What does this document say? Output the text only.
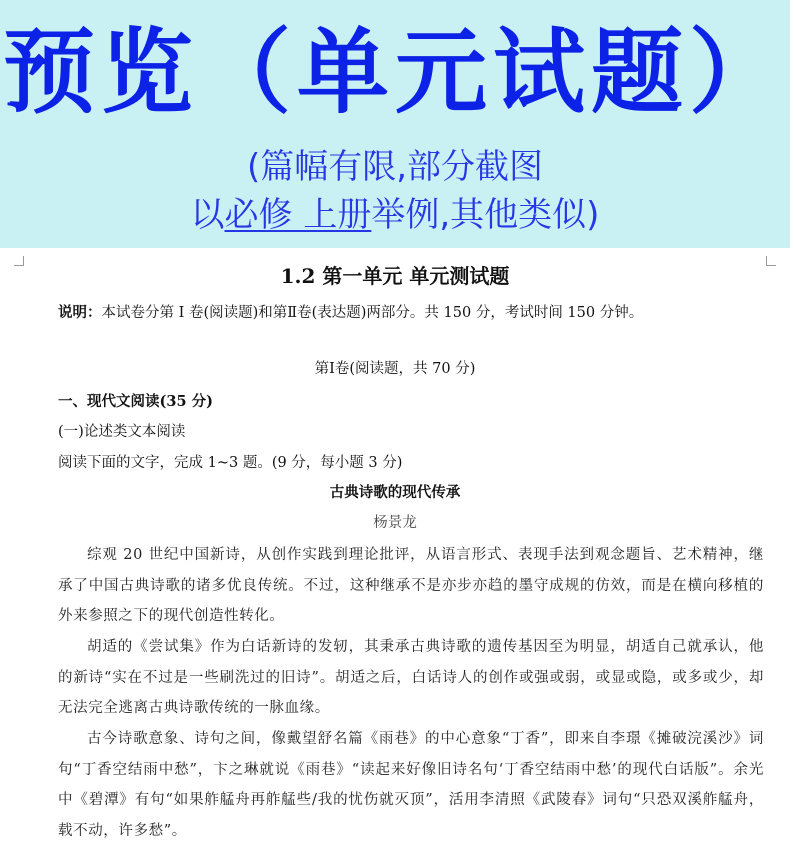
预览（单元试题）
(篇幅有限,部分截图
以必修 上册举例,其他类似)
1.2 第一单元 单元测试题
说明：本试卷分第 Ⅰ 卷(阅读题)和第Ⅱ卷(表达题)两部分。共 150 分，考试时间 150 分钟。
第Ⅰ卷(阅读题，共 70 分)
一、现代文阅读(35 分)
(一)论述类文本阅读
阅读下面的文字，完成 1~3 题。(9 分，每小题 3 分)
古典诗歌的现代传承
杨景龙

综观 20 世纪中国新诗，从创作实践到理论批评，从语言形式、表现手法到观念题旨、艺术精神，继承了中国古典诗歌的诸多优良传统。不过，这种继承不是亦步亦趋的墨守成规的仿效，而是在横向移植的外来参照之下的现代创造性转化。

胡适的《尝试集》作为白话新诗的发轫，其秉承古典诗歌的遗传基因至为明显，胡适自己就承认，他的新诗“实在不过是一些刷洗过的旧诗”。胡适之后，白话诗人的创作或强或弱，或显或隐，或多或少，却无法完全逃离古典诗歌传统的一脉血缘。

古今诗歌意象、诗句之间，像戴望舒名篇《雨巷》的中心意象“丁香”，即来自李璟《摊破浣溪沙》词句“丁香空结雨中愁”，卞之琳就说《雨巷》“读起来好像旧诗名句‘丁香空结雨中愁’的现代白话版”。余光中《碧潭》有句“如果舴艋舟再舴艋些/我的忧伤就灭顶”，活用李清照《武陵春》词句“只恐双溪舴艋舟，载不动，许多愁”。
